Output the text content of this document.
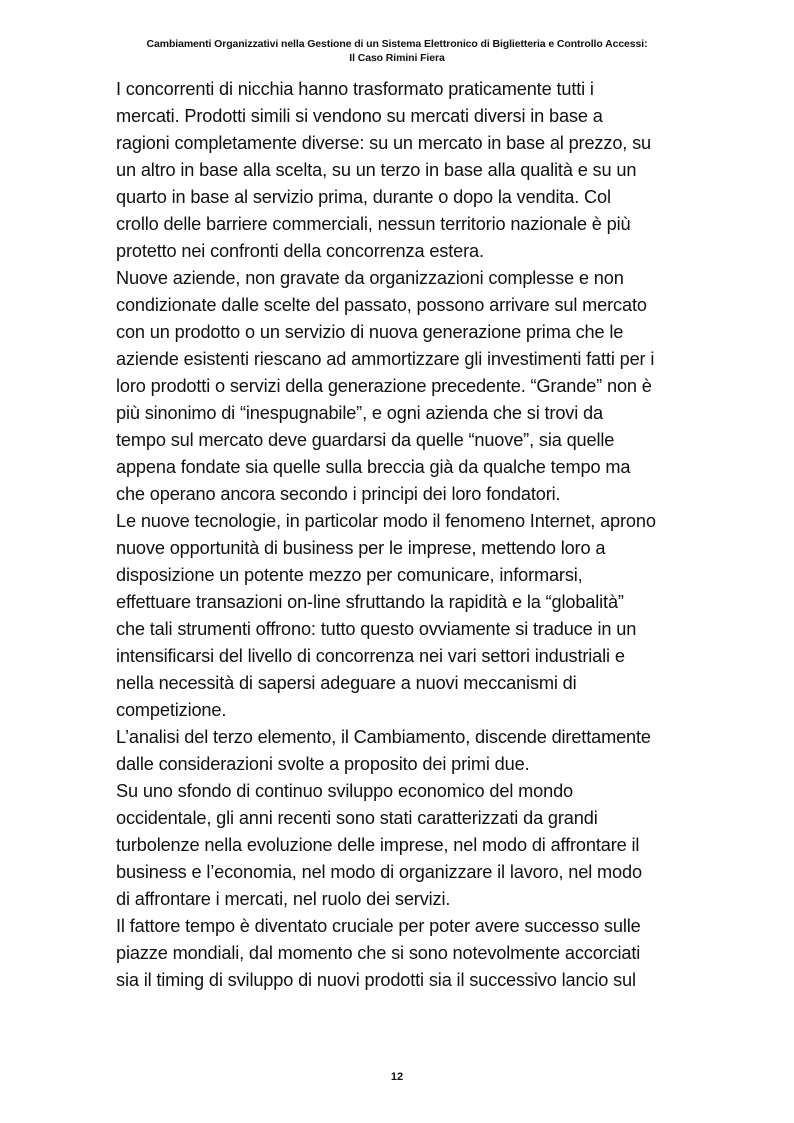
Cambiamenti Organizzativi nella Gestione di un Sistema Elettronico di Biglietteria e Controllo Accessi:
Il Caso Rimini Fiera
I concorrenti di nicchia hanno trasformato praticamente tutti i
mercati. Prodotti simili si vendono su mercati diversi in base a
ragioni completamente diverse: su un mercato in base al prezzo, su
un altro in base alla scelta, su un terzo in base alla qualità e su un
quarto in base al servizio prima, durante o dopo la vendita. Col
crollo delle barriere commerciali, nessun territorio nazionale è più
protetto nei confronti della concorrenza estera.
Nuove aziende, non gravate da organizzazioni complesse e non
condizionate dalle scelte del passato, possono arrivare sul mercato
con un prodotto o un servizio di nuova generazione prima che le
aziende esistenti riescano ad ammortizzare gli investimenti fatti per i
loro prodotti o servizi della generazione precedente. “Grande” non è
più sinonimo di “inespugnabile”, e ogni azienda che si trovi da
tempo sul mercato deve guardarsi da quelle “nuove”, sia quelle
appena fondate sia quelle sulla breccia già da qualche tempo ma
che operano ancora secondo i principi dei loro fondatori.
Le nuove tecnologie, in particolar modo il fenomeno Internet, aprono
nuove opportunità di business per le imprese, mettendo loro a
disposizione un potente mezzo per comunicare, informarsi,
effettuare transazioni on-line sfruttando la rapidità e la “globalità”
che tali strumenti offrono: tutto questo ovviamente si traduce in un
intensificarsi del livello di concorrenza nei vari settori industriali e
nella necessità di sapersi adeguare a nuovi meccanismi di
competizione.
L’analisi del terzo elemento, il Cambiamento, discende direttamente
dalle considerazioni svolte a proposito dei primi due.
Su uno sfondo di continuo sviluppo economico del mondo
occidentale, gli anni recenti sono stati caratterizzati da grandi
turbolenze nella evoluzione delle imprese, nel modo di affrontare il
business e l’economia, nel modo di organizzare il lavoro, nel modo
di affrontare i mercati, nel ruolo dei servizi.
Il fattore tempo è diventato cruciale per poter avere successo sulle
piazze mondiali, dal momento che si sono notevolmente accorciati
sia il timing di sviluppo di nuovi prodotti sia il successivo lancio sul
12
